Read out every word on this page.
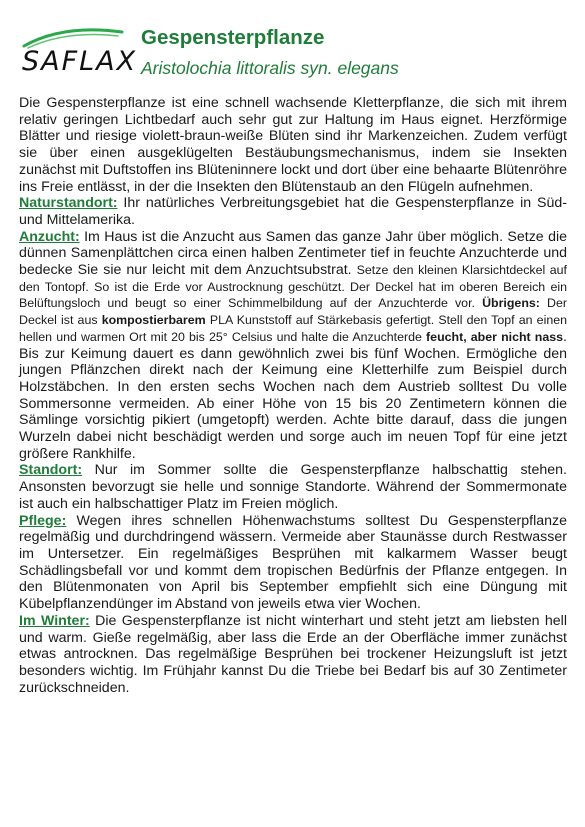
SAFLAX
Gespensterpflanze
Aristolochia littoralis syn. elegans

Die Gespensterpflanze ist eine schnell wachsende Kletterpflanze, die sich mit ihrem relativ geringen Lichtbedarf auch sehr gut zur Haltung im Haus eignet. Herzförmige Blätter und riesige violett-braun-weiße Blüten sind ihr Markenzeichen. Zudem verfügt sie über einen ausgeklügelten Bestäubungsmechanismus, indem sie Insekten zunächst mit Duftstoffen ins Blüteninnere lockt und dort über eine behaarte Blütenröhre ins Freie entlässt, in der die Insekten den Blütenstaub an den Flügeln aufnehmen.

Naturstandort: Ihr natürliches Verbreitungsgebiet hat die Gespensterpflanze in Süd- und Mittelamerika.

Anzucht: Im Haus ist die Anzucht aus Samen das ganze Jahr über möglich. Setze die dünnen Samenplättchen circa einen halben Zentimeter tief in feuchte Anzuchterde und bedecke Sie sie nur leicht mit dem Anzuchtsubstrat. Setze den kleinen Klarsichtdeckel auf den Tontopf. So ist die Erde vor Austrocknung geschützt. Der Deckel hat im oberen Bereich ein Belüftungsloch und beugt so einer Schimmelbildung auf der Anzuchterde vor. Übrigens: Der Deckel ist aus kompostierbarem PLA Kunststoff auf Stärkebasis gefertigt. Stell den Topf an einen hellen und warmen Ort mit 20 bis 25° Celsius und halte die Anzuchterde feucht, aber nicht nass. Bis zur Keimung dauert es dann gewöhnlich zwei bis fünf Wochen. Ermögliche den jungen Pflänzchen direkt nach der Keimung eine Kletterhilfe zum Beispiel durch Holzstäbchen. In den ersten sechs Wochen nach dem Austrieb solltest Du volle Sommersonne vermeiden. Ab einer Höhe von 15 bis 20 Zentimetern können die Sämlinge vorsichtig pikiert (umgetopft) werden. Achte bitte darauf, dass die jungen Wurzeln dabei nicht beschädigt werden und sorge auch im neuen Topf für eine jetzt größere Rankhilfe.

Standort: Nur im Sommer sollte die Gespensterpflanze halbschattig stehen. Ansonsten bevorzugt sie helle und sonnige Standorte. Während der Sommermonate ist auch ein halbschattiger Platz im Freien möglich.

Pflege: Wegen ihres schnellen Höhenwachstums solltest Du Gespensterpflanze regelmäßig und durchdringend wässern. Vermeide aber Staunässe durch Restwasser im Untersetzer. Ein regelmäßiges Besprühen mit kalkarmem Wasser beugt Schädlingsbefall vor und kommt dem tropischen Bedürfnis der Pflanze entgegen. In den Blütenmonaten von April bis September empfiehlt sich eine Düngung mit Kübelpflanzendünger im Abstand von jeweils etwa vier Wochen.

Im Winter: Die Gespensterpflanze ist nicht winterhart und steht jetzt am liebsten hell und warm. Gieße regelmäßig, aber lass die Erde an der Oberfläche immer zunächst etwas antrocknen. Das regelmäßige Besprühen bei trockener Heizungsluft ist jetzt besonders wichtig. Im Frühjahr kannst Du die Triebe bei Bedarf bis auf 30 Zentimeter zurückschneiden.
